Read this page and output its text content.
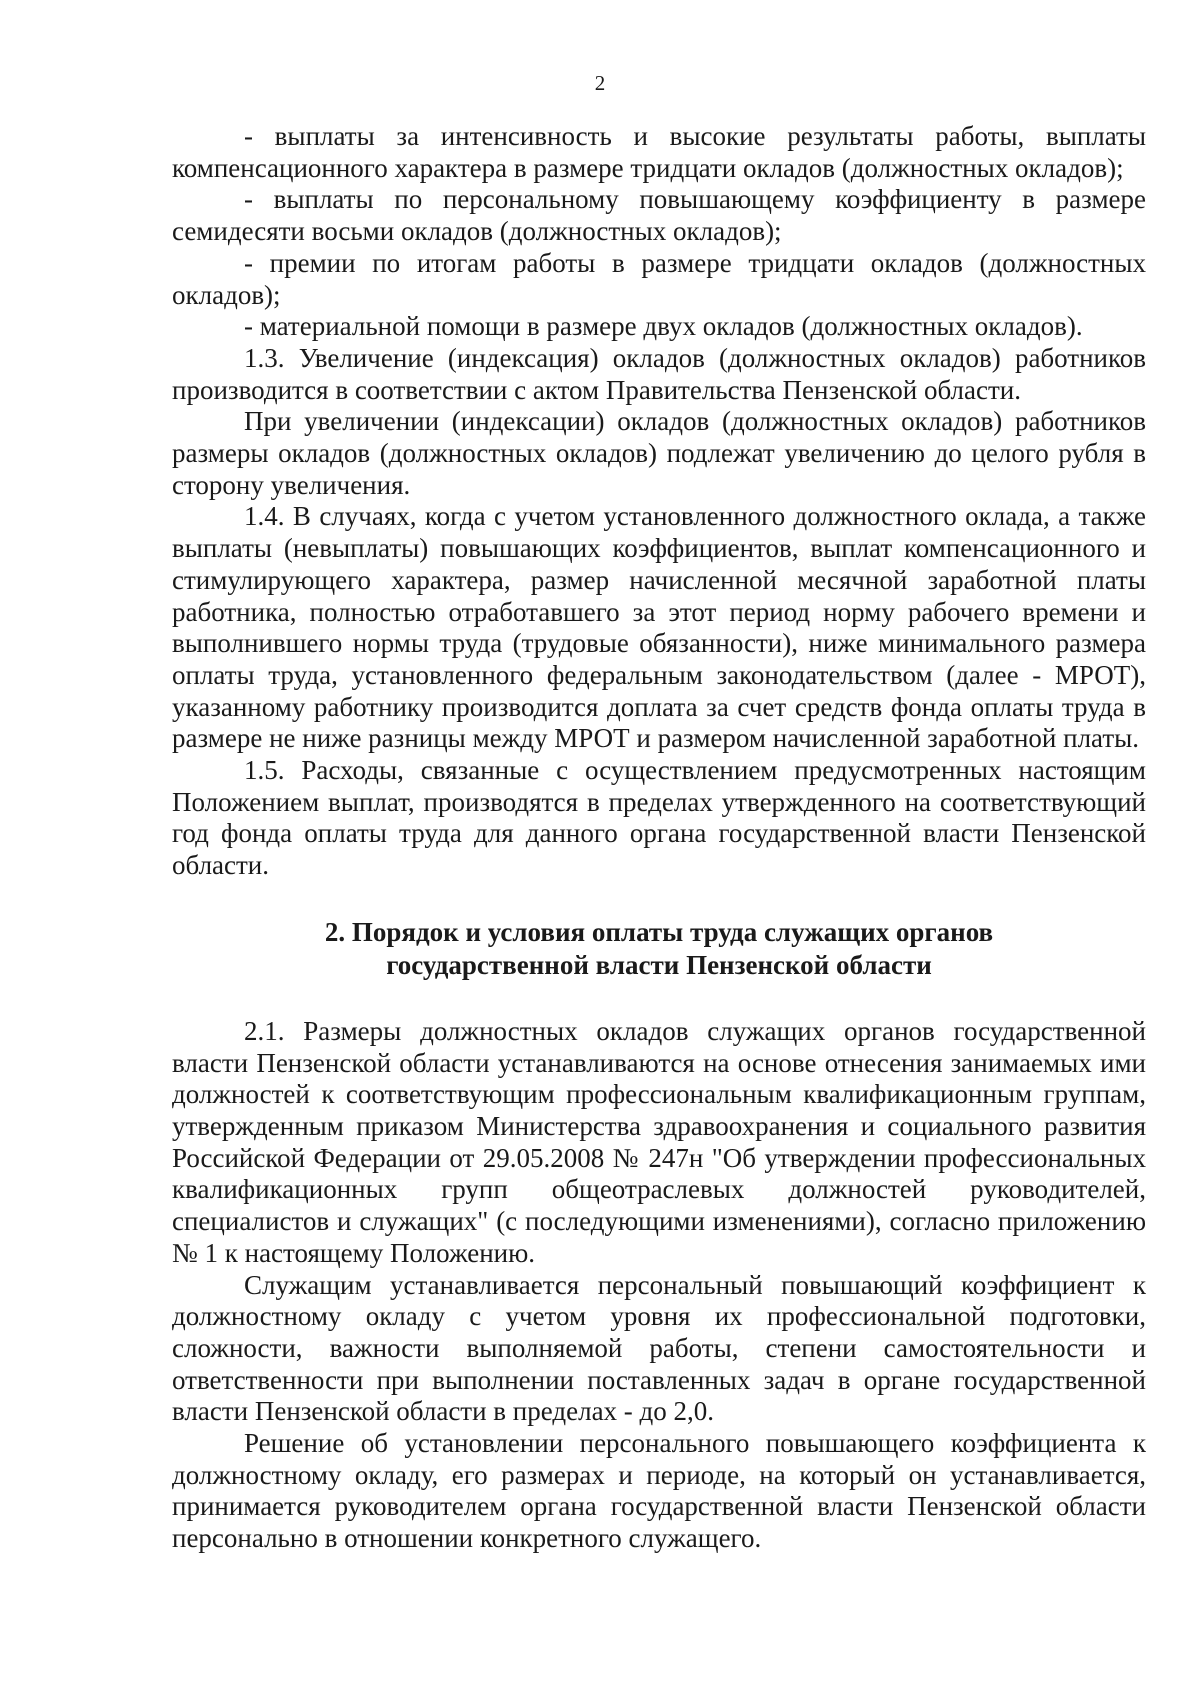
2

- выплаты за интенсивность и высокие результаты работы, выплаты компенсационного характера в размере тридцати окладов (должностных окладов);

- выплаты по персональному повышающему коэффициенту в размере семидесяти восьми окладов (должностных окладов);

- премии по итогам работы в размере тридцати окладов (должностных окладов);

- материальной помощи в размере двух окладов (должностных окладов).

1.3. Увеличение (индексация) окладов (должностных окладов) работников производится в соответствии с актом Правительства Пензенской области.

При увеличении (индексации) окладов (должностных окладов) работников размеры окладов (должностных окладов) подлежат увеличению до целого рубля в сторону увеличения.

1.4. В случаях, когда с учетом установленного должностного оклада, а также выплаты (невыплаты) повышающих коэффициентов, выплат компенсационного и стимулирующего характера, размер начисленной месячной заработной платы работника, полностью отработавшего за этот период норму рабочего времени и выполнившего нормы труда (трудовые обязанности), ниже минимального размера оплаты труда, установленного федеральным законодательством (далее - МРОТ), указанному работнику производится доплата за счет средств фонда оплаты труда в размере не ниже разницы между МРОТ и размером начисленной заработной платы.

1.5. Расходы, связанные с осуществлением предусмотренных настоящим Положением выплат, производятся в пределах утвержденного на соответствующий год фонда оплаты труда для данного органа государственной власти Пензенской области.

2. Порядок и условия оплаты труда служащих органов
государственной власти Пензенской области

2.1. Размеры должностных окладов служащих органов государственной власти Пензенской области устанавливаются на основе отнесения занимаемых ими должностей к соответствующим профессиональным квалификационным группам, утвержденным приказом Министерства здравоохранения и социального развития Российской Федерации от 29.05.2008 № 247н "Об утверждении профессиональных квалификационных групп общеотраслевых должностей руководителей, специалистов и служащих" (с последующими изменениями), согласно приложению № 1 к настоящему Положению.

Служащим устанавливается персональный повышающий коэффициент к должностному окладу с учетом уровня их профессиональной подготовки, сложности, важности выполняемой работы, степени самостоятельности и ответственности при выполнении поставленных задач в органе государственной власти Пензенской области в пределах - до 2,0.

Решение об установлении персонального повышающего коэффициента к должностному окладу, его размерах и периоде, на который он устанавливается, принимается руководителем органа государственной власти Пензенской области персонально в отношении конкретного служащего.
